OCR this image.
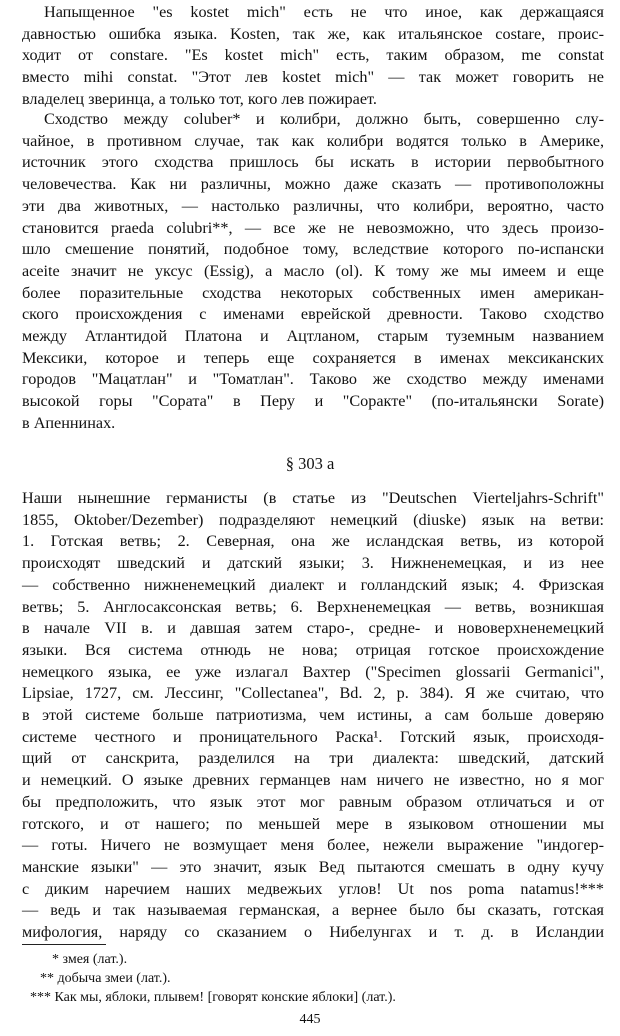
Напыщенное "es kostet mich" есть не что иное, как держащаяся
давностью ошибка языка. Kosten, так же, как итальянское costare, проис-
ходит от constare. "Es kostet mich" есть, таким образом, me constat
вместо mihi constat. "Этот лев kostet mich" — так может говорить не
владелец зверинца, а только тот, кого лев пожирает.
Сходство между coluber* и колибри, должно быть, совершенно слу-
чайное, в противном случае, так как колибри водятся только в Америке,
источник этого сходства пришлось бы искать в истории первобытного
человечества. Как ни различны, можно даже сказать — противоположны
эти два животных, — настолько различны, что колибри, вероятно, часто
становится praeda colubri**, — все же не невозможно, что здесь произо-
шло смешение понятий, подобное тому, вследствие которого по-испански
aceite значит не уксус (Essig), а масло (ol). К тому же мы имеем и еще
более поразительные сходства некоторых собственных имен американ-
ского происхождения с именами еврейской древности. Таково сходство
между Атлантидой Платона и Ацтланом, старым туземным названием
Мексики, которое и теперь еще сохраняется в именах мексиканских
городов "Мацатлан" и "Томатлан". Таково же сходство между именами
высокой горы "Сората" в Перу и "Соракте" (по-итальянски Sorate)
в Апеннинах.
§ 303 а
Наши нынешние германисты (в статье из "Deutschen Vierteljahrs-Schrift"
1855, Oktober/Dezember) подразделяют немецкий (diuske) язык на ветви:
1. Готская ветвь; 2. Северная, она же исландская ветвь, из которой
происходят шведский и датский языки; 3. Нижненемецкая, и из нее
— собственно нижненемецкий диалект и голландский язык; 4. Фризская
ветвь; 5. Англосаксонская ветвь; 6. Верхненемецкая — ветвь, возникшая
в начале VII в. и давшая затем старо-, средне- и нововерхненемецкий
языки. Вся система отнюдь не нова; отрицая готское происхождение
немецкого языка, ее уже излагал Вахтер ("Specimen glossarii Germanici",
Lipsiae, 1727, см. Лессинг, "Collectanea", Bd. 2, p. 384). Я же считаю, что
в этой системе больше патриотизма, чем истины, а сам больше доверяю
системе честного и проницательного Раска¹. Готский язык, происходя-
щий от санскрита, разделился на три диалекта: шведский, датский
и немецкий. О языке древних германцев нам ничего не известно, но я мог
бы предположить, что язык этот мог равным образом отличаться и от
готского, и от нашего; по меньшей мере в языковом отношении мы
— готы. Ничего не возмущает меня более, нежели выражение "индогер-
манские языки" — это значит, язык Вед пытаются смешать в одну кучу
с диким наречием наших медвежьих углов! Ut nos poma natamus!***
— ведь и так называемая германская, а вернее было бы сказать, готская
мифология, наряду со сказанием о Нибелунгах и т. д. в Исландии
* змея (лат.).
** добыча змеи (лат.).
*** Как мы, яблоки, плывем! [говорят конские яблоки] (лат.).
445
